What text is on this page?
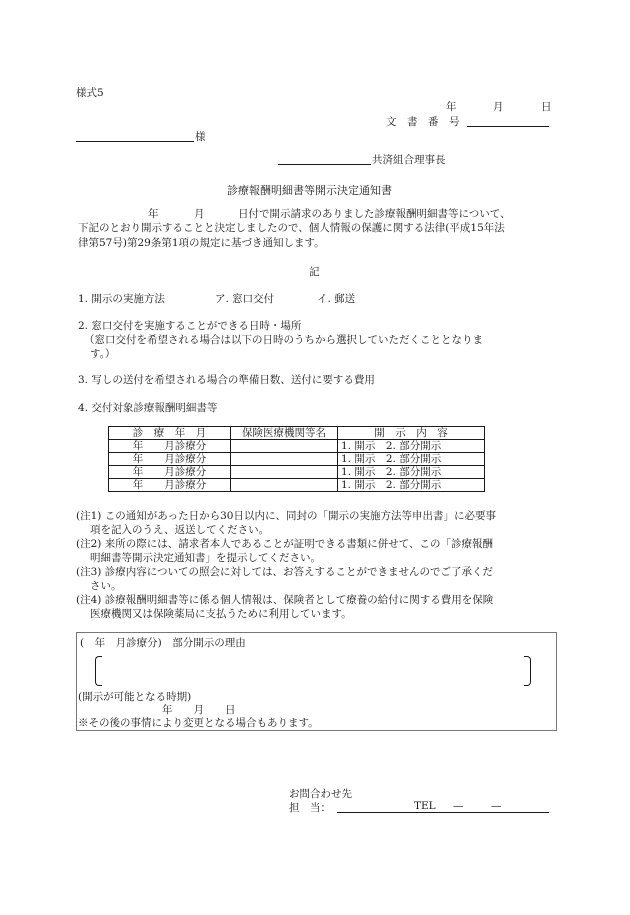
様式5
年	月	日
文　書　番　号
様
共済組合理事長
診療報酬明細書等開示決定通知書
年	月	日付で開示請求のありました診療報酬明細書等について、
下記のとおり開示することと決定しましたので、個人情報の保護に関する法律(平成15年法
律第57号)第29条第1項の規定に基づき通知します。
記
1. 開示の実施方法	ア. 窓口交付	イ. 郵送
2. 窓口交付を実施することができる日時・場所
（窓口交付を希望される場合は以下の日時のうちから選択していただくこととなりま
す。）
3. 写しの送付を希望される場合の準備日数、送付に要する費用
4. 交付対象診療報酬明細書等
診　療　年　月	保険医療機関等名	開　示　内　容
年　　月診療分		1. 開示　2. 部分開示
年　　月診療分		1. 開示　2. 部分開示
年　　月診療分		1. 開示　2. 部分開示
年　　月診療分		1. 開示　2. 部分開示
(注1) この通知があった日から30日以内に、同封の「開示の実施方法等申出書」に必要事
項を記入のうえ、返送してください。
(注2) 来所の際には、請求者本人であることが証明できる書類に併せて、この「診療報酬
明細書等開示決定通知書」を提示してください。
(注3) 診療内容についての照会に対しては、お答えすることができませんのでご了承くだ
さい。
(注4) 診療報酬明細書等に係る個人情報は、保険者として療養の給付に関する費用を保険
医療機関又は保険薬局に支払うために利用しています。
(　年　月診療分)　部分開示の理由
(開示が可能となる時期)
年　　月　　日
※その後の事情により変更となる場合もあります。
お問合わせ先
担　当：	TEL —	—
